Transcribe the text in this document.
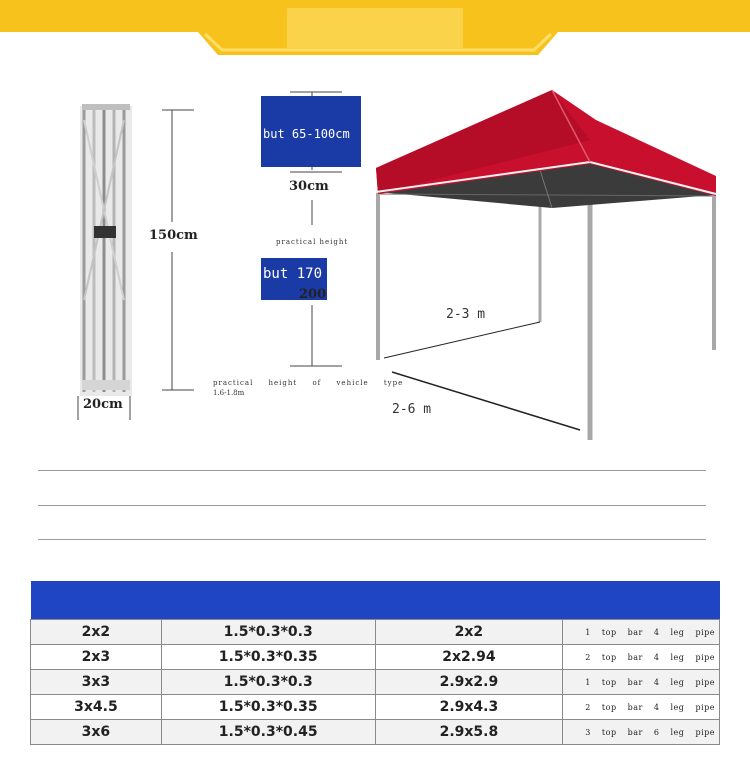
150cm
20cm
but 65-100cm
30cm
practical height
but 170
200
practical height of vehicle type
1.6-1.8m
2-3 m
2-6 m

2x2	1.5*0.3*0.3	2x2	1 top bar 4 leg pipe
2x3	1.5*0.3*0.35	2x2.94	2 top bar 4 leg pipe
3x3	1.5*0.3*0.3	2.9x2.9	1 top bar 4 leg pipe
3x4.5	1.5*0.3*0.35	2.9x4.3	2 top bar 4 leg pipe
3x6	1.5*0.3*0.45	2.9x5.8	3 top bar 6 leg pipe
